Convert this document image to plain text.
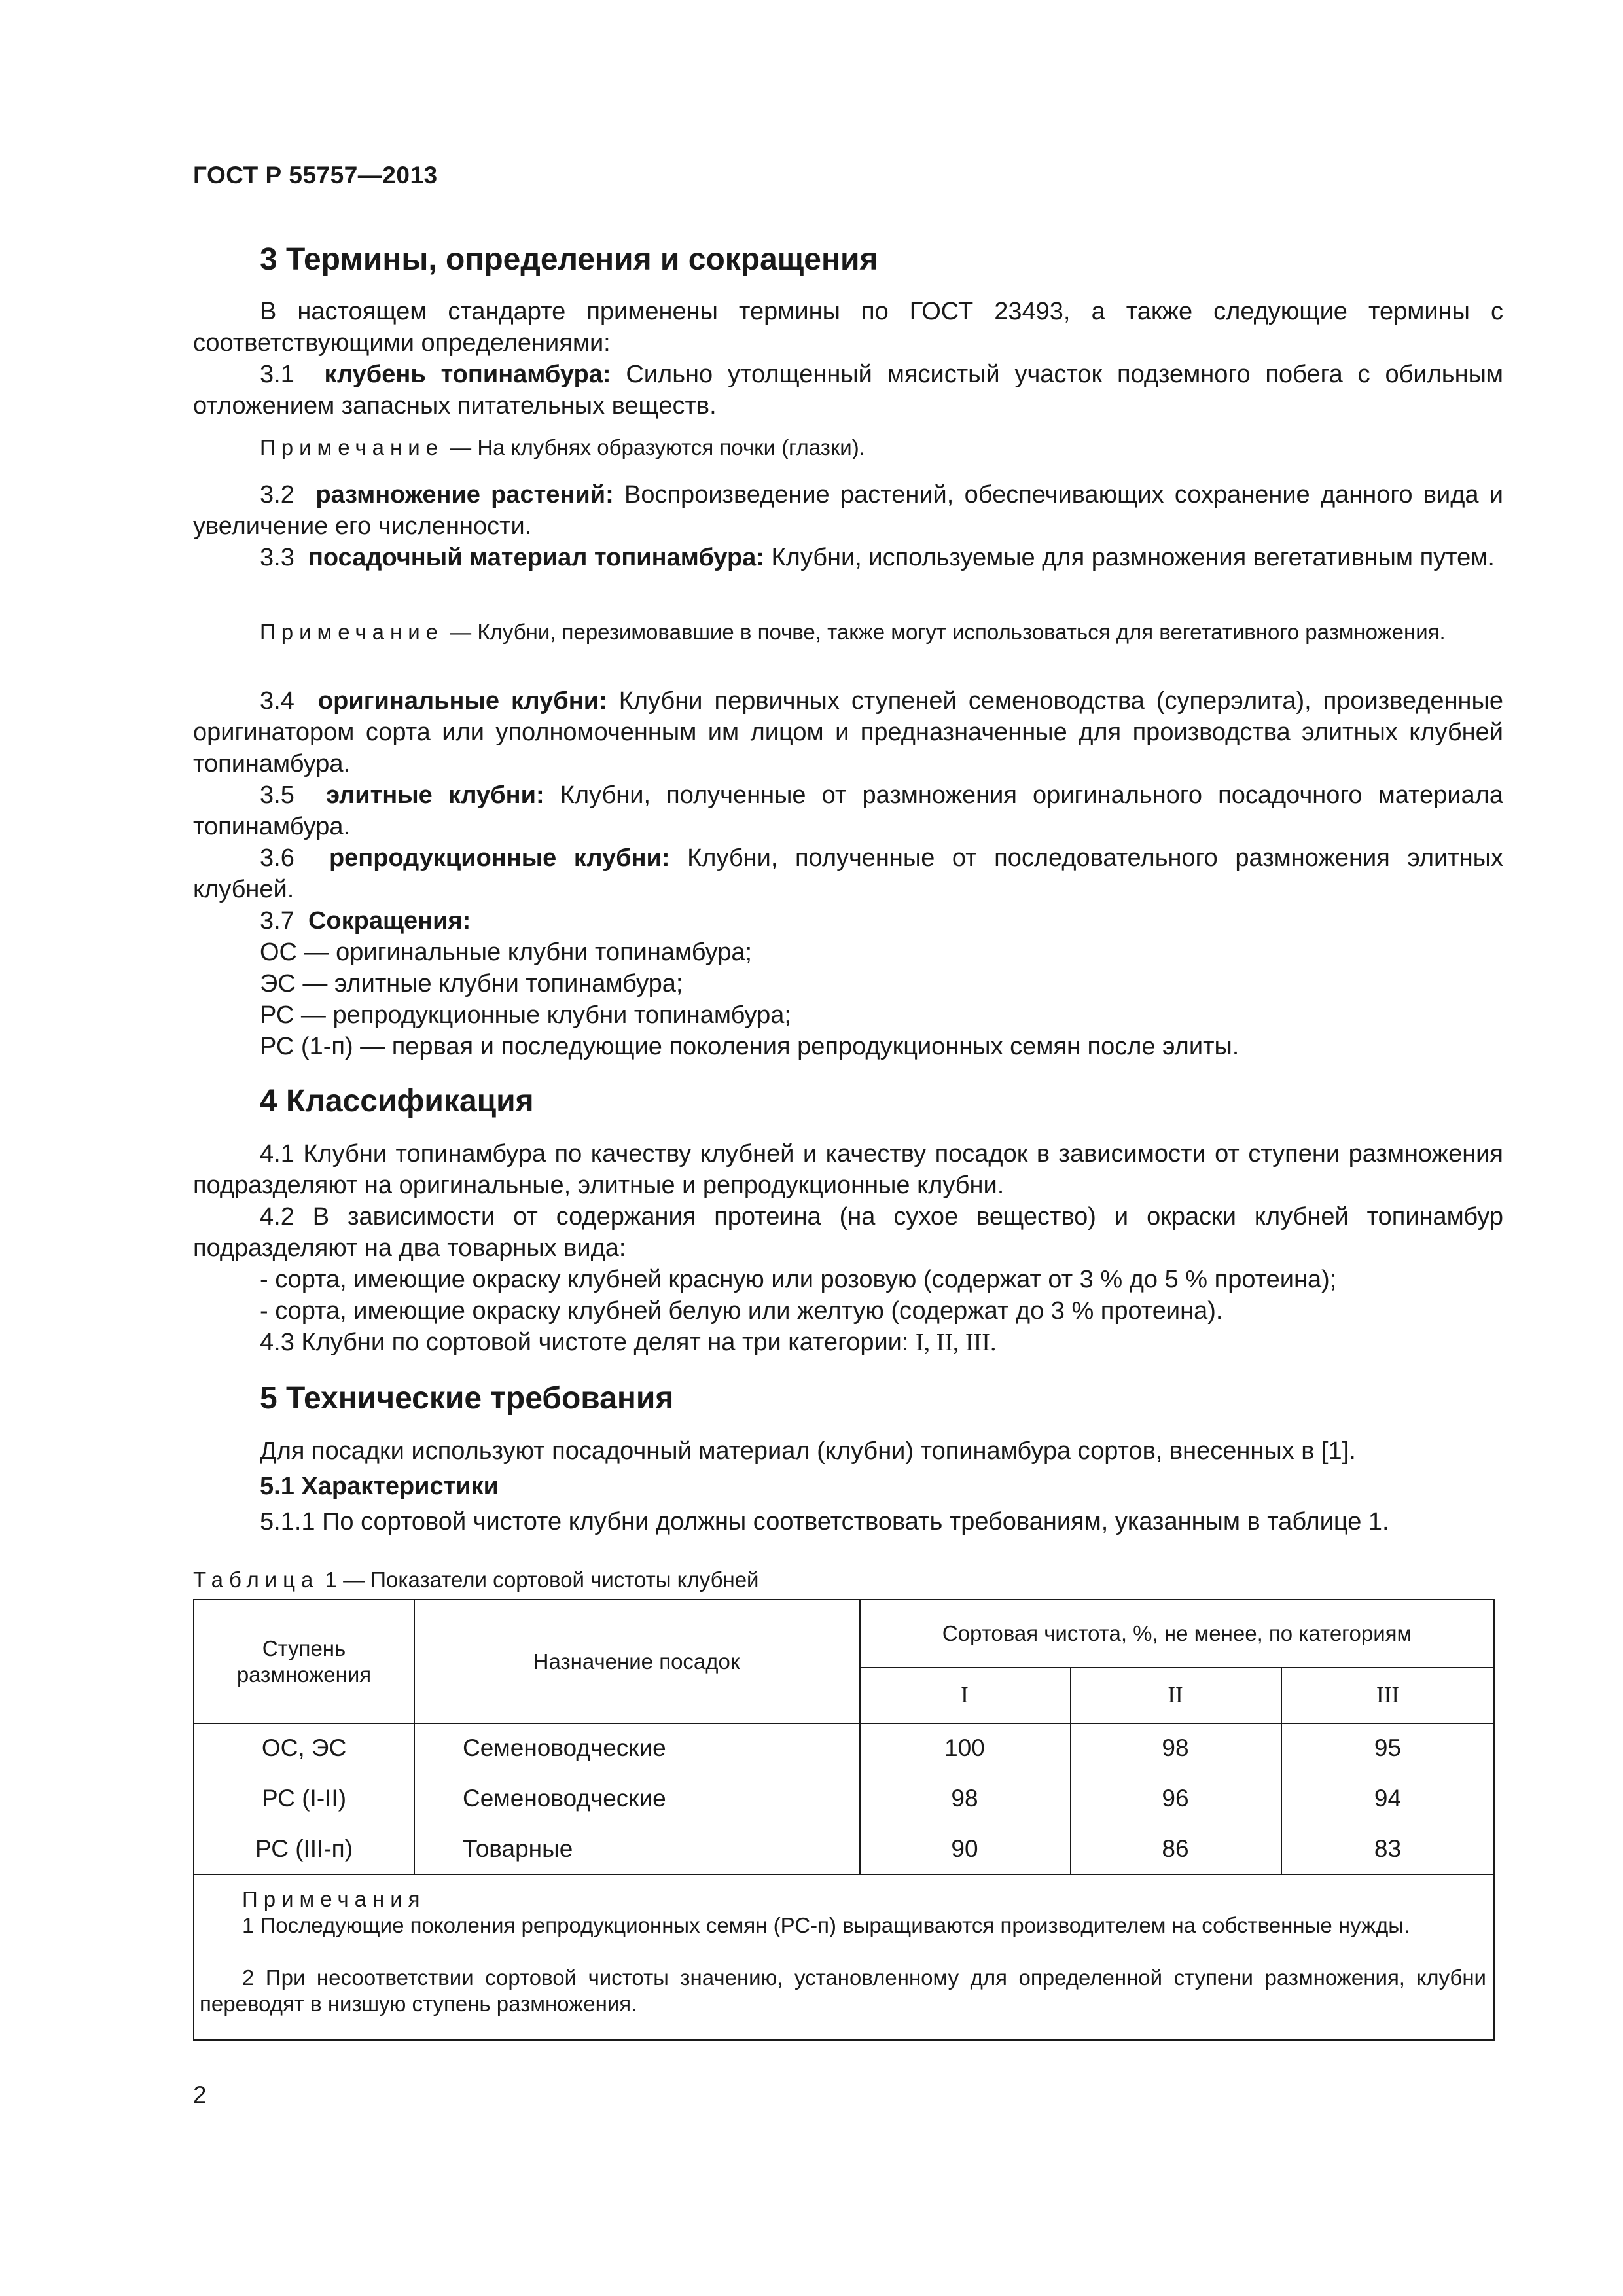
ГОСТ Р 55757—2013
3 Термины, определения и сокращения
В настоящем стандарте применены термины по ГОСТ 23493, а также следующие термины с соответствующими определениями:
3.1 клубень топинамбура: Сильно утолщенный мясистый участок подземного побега с обильным отложением запасных питательных веществ.
Примечание — На клубнях образуются почки (глазки).
3.2 размножение растений: Воспроизведение растений, обеспечивающих сохранение данного вида и увеличение его численности.
3.3 посадочный материал топинамбура: Клубни, используемые для размножения вегетативным путем.
Примечание — Клубни, перезимовавшие в почве, также могут использоваться для вегетативного размножения.
3.4 оригинальные клубни: Клубни первичных ступеней семеноводства (суперэлита), произведенные оригинатором сорта или уполномоченным им лицом и предназначенные для производства элитных клубней топинамбура.
3.5 элитные клубни: Клубни, полученные от размножения оригинального посадочного материала топинамбура.
3.6 репродукционные клубни: Клубни, полученные от последовательного размножения элитных клубней.
3.7 Сокращения:
ОС — оригинальные клубни топинамбура;
ЭС — элитные клубни топинамбура;
РС — репродукционные клубни топинамбура;
РС (1-п) — первая и последующие поколения репродукционных семян после элиты.
4 Классификация
4.1 Клубни топинамбура по качеству клубней и качеству посадок в зависимости от ступени размножения подразделяют на оригинальные, элитные и репродукционные клубни.
4.2 В зависимости от содержания протеина (на сухое вещество) и окраски клубней топинамбур подразделяют на два товарных вида:
- сорта, имеющие окраску клубней красную или розовую (содержат от 3 % до 5 % протеина);
- сорта, имеющие окраску клубней белую или желтую (содержат до 3 % протеина).
4.3 Клубни по сортовой чистоте делят на три категории: I, II, III.
5 Технические требования
Для посадки используют посадочный материал (клубни) топинамбура сортов, внесенных в [1].
5.1 Характеристики
5.1.1 По сортовой чистоте клубни должны соответствовать требованиям, указанным в таблице 1.
Таблица 1 — Показатели сортовой чистоты клубней
Ступень размножения
Назначение посадок
Сортовая чистота, %, не менее, по категориям
I	II	III
ОС, ЭС	Семеноводческие	100	98	95
РС (I-II)	Семеноводческие	98	96	94
РС (III-п)	Товарные	90	86	83
Примечания
1 Последующие поколения репродукционных семян (РС-п) выращиваются производителем на собственные нужды.
2 При несоответствии сортовой чистоты значению, установленному для определенной ступени размножения, клубни переводят в низшую ступень размножения.
2
